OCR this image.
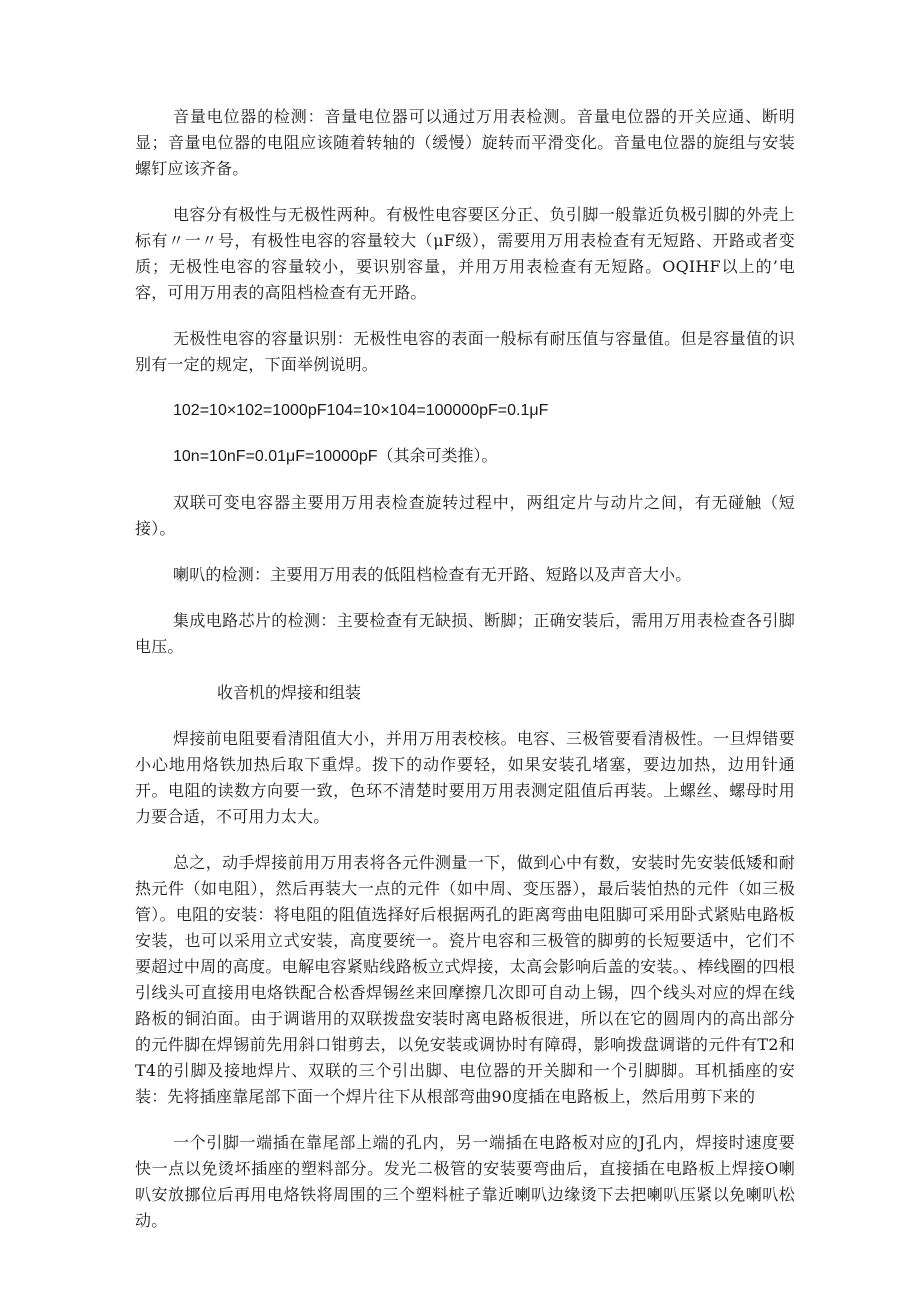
音量电位器的检测：音量电位器可以通过万用表检测。音量电位器的开关应通、断明显；音量电位器的电阻应该随着转轴的（缓慢）旋转而平滑变化。音量电位器的旋组与安装螺钉应该齐备。

电容分有极性与无极性两种。有极性电容要区分正、负引脚一般靠近负极引脚的外壳上标有〃一〃号，有极性电容的容量较大（μF级），需要用万用表检查有无短路、开路或者变质；无极性电容的容量较小，要识别容量，并用万用表检查有无短路。OQIHF以上的’电容，可用万用表的高阻档检查有无开路。

无极性电容的容量识别：无极性电容的表面一般标有耐压值与容量值。但是容量值的识别有一定的规定，下面举例说明。

102=10×102=1000pF104=10×104=100000pF=0.1μF

10n=10nF=0.01μF=10000pF（其余可类推）。

双联可变电容器主要用万用表检查旋转过程中，两组定片与动片之间，有无碰触（短接）。

喇叭的检测：主要用万用表的低阻档检查有无开路、短路以及声音大小。

集成电路芯片的检测：主要检查有无缺损、断脚；正确安装后，需用万用表检查各引脚电压。

收音机的焊接和组装

焊接前电阻要看清阻值大小，并用万用表校核。电容、三极管要看清极性。一旦焊错要小心地用烙铁加热后取下重焊。拨下的动作要轻，如果安装孔堵塞，要边加热，边用针通开。电阻的读数方向要一致，色环不清楚时要用万用表测定阻值后再装。上螺丝、螺母时用力要合适，不可用力太大。

总之，动手焊接前用万用表将各元件测量一下，做到心中有数，安装时先安装低矮和耐热元件（如电阻），然后再装大一点的元件（如中周、变压器），最后装怕热的元件（如三极管）。电阻的安装：将电阻的阻值选择好后根据两孔的距离弯曲电阻脚可采用卧式紧贴电路板安装，也可以采用立式安装，高度要统一。瓷片电容和三极管的脚剪的长短要适中，它们不要超过中周的高度。电解电容紧贴线路板立式焊接，太高会影响后盖的安装。、棒线圈的四根引线头可直接用电烙铁配合松香焊锡丝来回摩擦几次即可自动上锡，四个线头对应的焊在线路板的铜泊面。由于调谐用的双联拨盘安装时离电路板很进，所以在它的圆周内的高出部分的元件脚在焊锡前先用斜口钳剪去，以免安装或调协时有障碍，影响拨盘调谐的元件有T2和T4的引脚及接地焊片、双联的三个引出脚、电位器的开关脚和一个引脚脚。耳机插座的安装：先将插座靠尾部下面一个焊片往下从根部弯曲90度插在电路板上，然后用剪下来的

一个引脚一端插在靠尾部上端的孔内，另一端插在电路板对应的J孔内，焊接时速度要快一点以免烫坏插座的塑料部分。发光二极管的安装要弯曲后，直接插在电路板上焊接O喇叭安放挪位后再用电烙铁将周围的三个塑料桩子靠近喇叭边缘烫下去把喇叭压紧以免喇叭松动。
